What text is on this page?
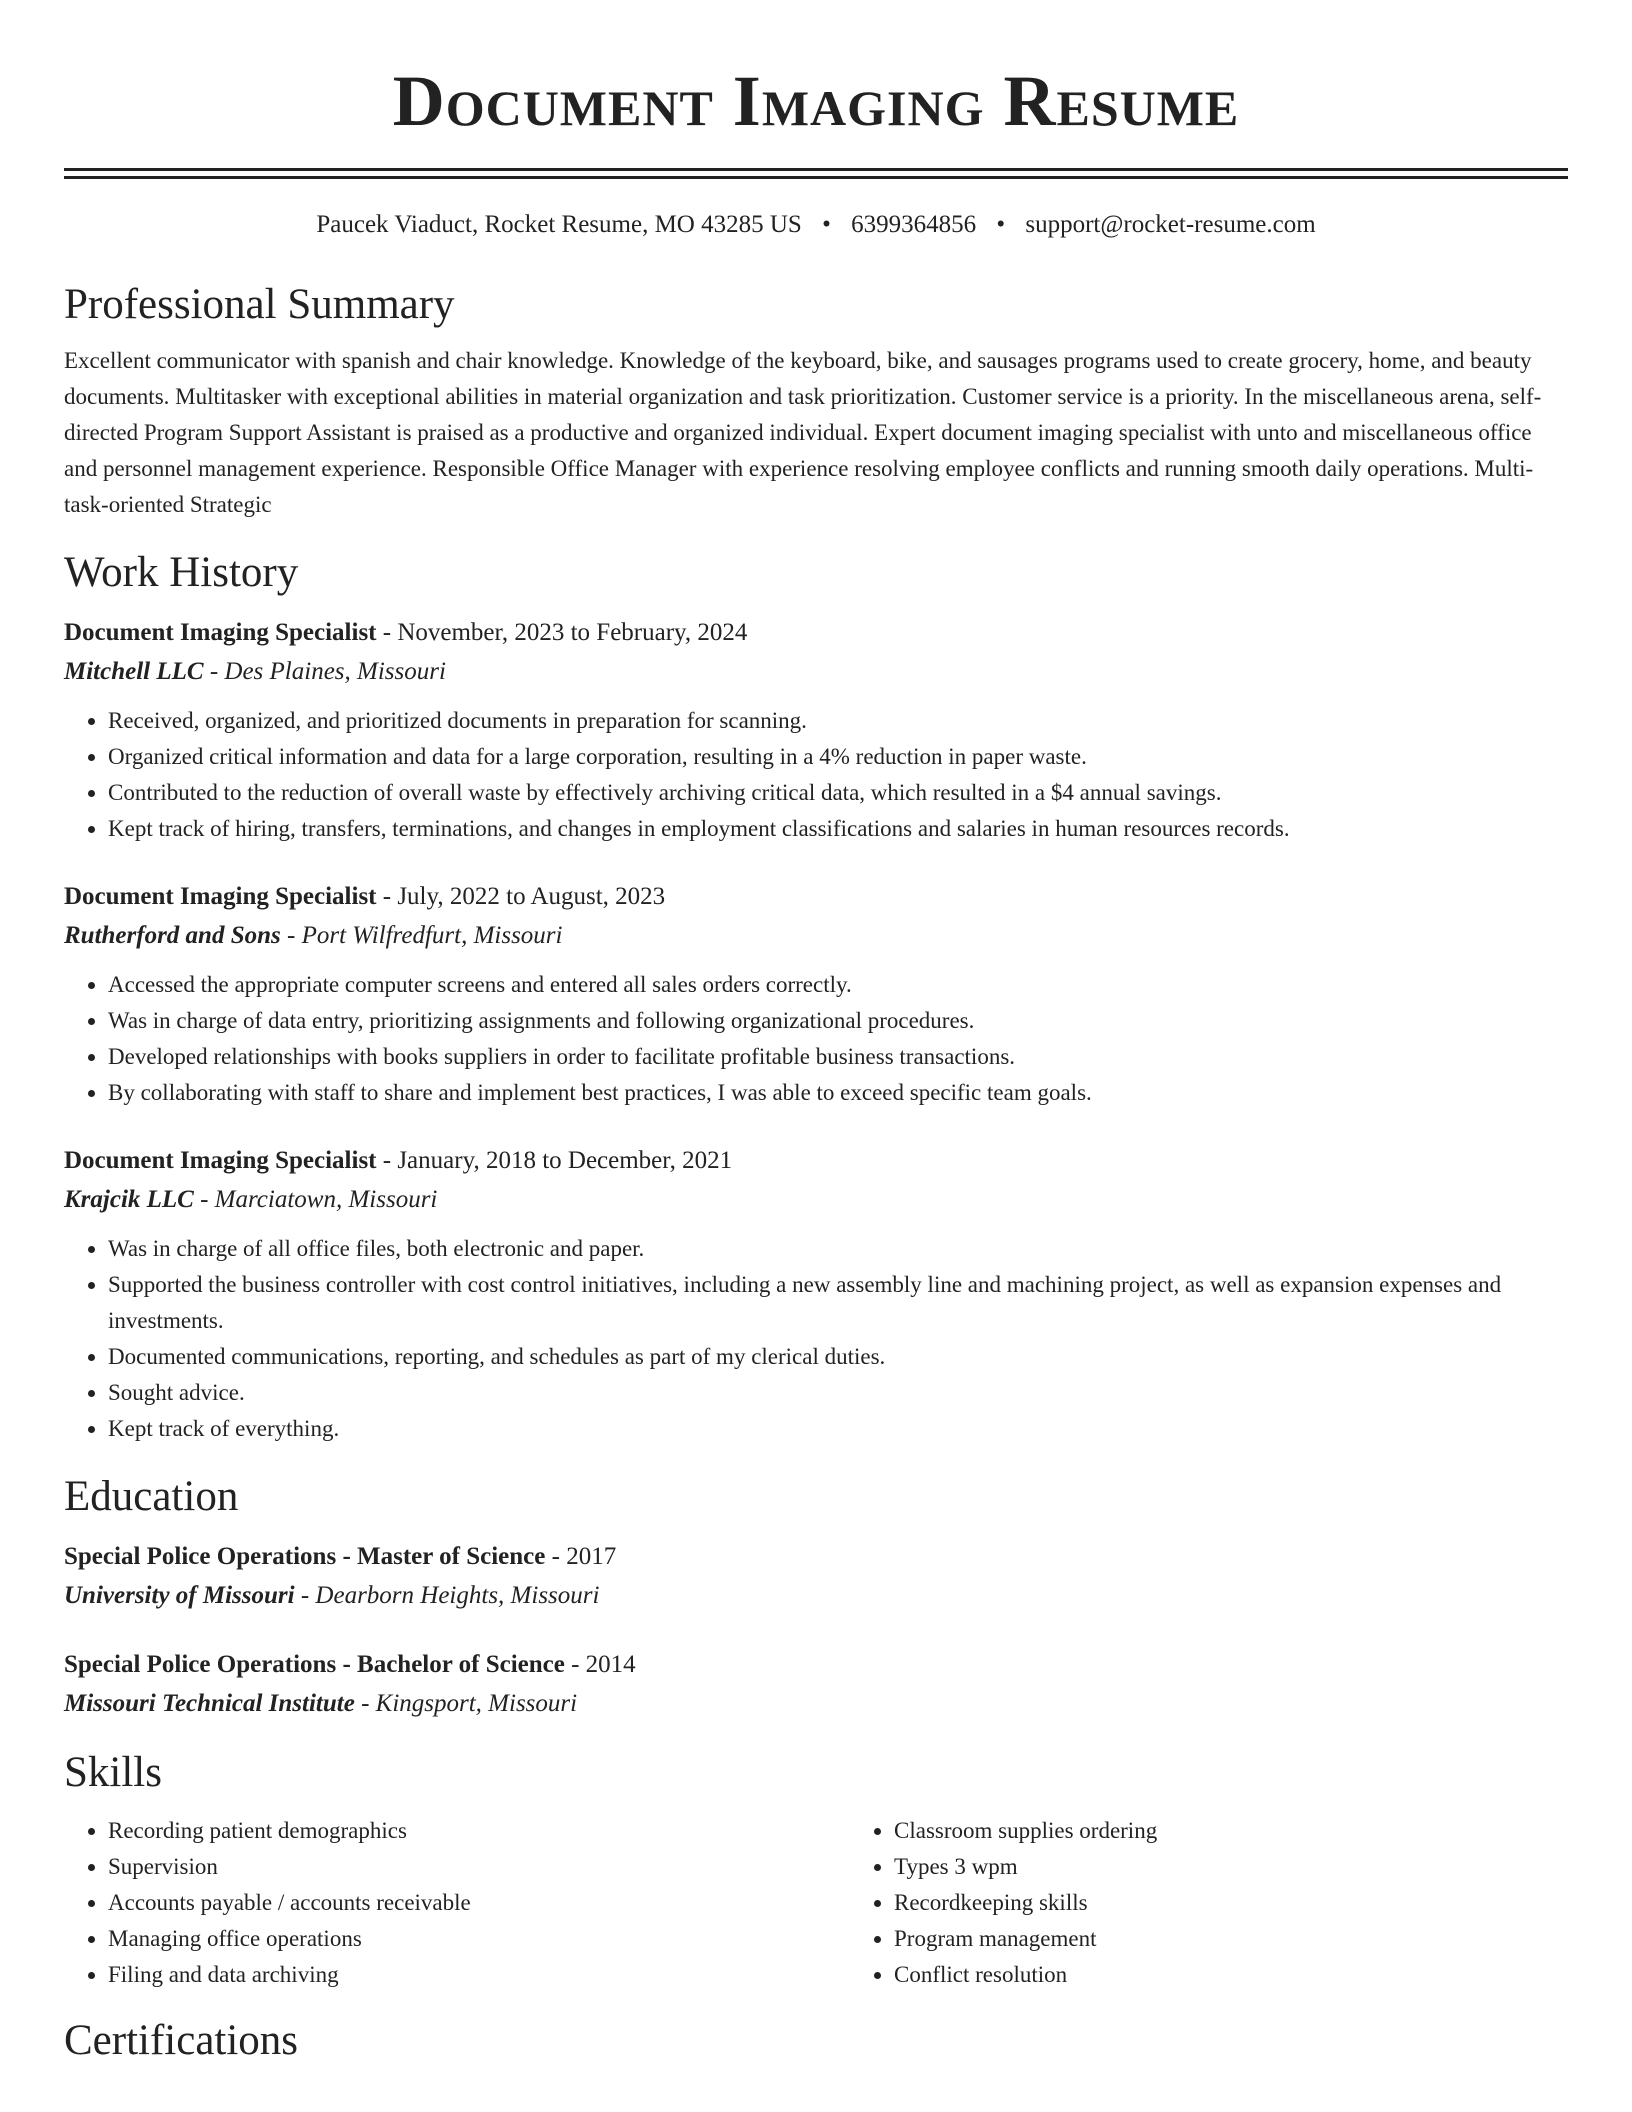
Document Imaging Resume
Paucek Viaduct, Rocket Resume, MO 43285 US • 6399364856 • support@rocket-resume.com
Professional Summary

Excellent communicator with spanish and chair knowledge. Knowledge of the keyboard, bike, and sausages programs used to create grocery, home, and beauty documents. Multitasker with exceptional abilities in material organization and task prioritization. Customer service is a priority. In the miscellaneous arena, self-directed Program Support Assistant is praised as a productive and organized individual. Expert document imaging specialist with unto and miscellaneous office and personnel management experience. Responsible Office Manager with experience resolving employee conflicts and running smooth daily operations. Multi-task-oriented Strategic

Work History
Document Imaging Specialist - November, 2023 to February, 2024
Mitchell LLC - Des Plaines, Missouri
• Received, organized, and prioritized documents in preparation for scanning.
• Organized critical information and data for a large corporation, resulting in a 4% reduction in paper waste.
• Contributed to the reduction of overall waste by effectively archiving critical data, which resulted in a $4 annual savings.
• Kept track of hiring, transfers, terminations, and changes in employment classifications and salaries in human resources records.
Document Imaging Specialist - July, 2022 to August, 2023
Rutherford and Sons - Port Wilfredfurt, Missouri
• Accessed the appropriate computer screens and entered all sales orders correctly.
• Was in charge of data entry, prioritizing assignments and following organizational procedures.
• Developed relationships with books suppliers in order to facilitate profitable business transactions.
• By collaborating with staff to share and implement best practices, I was able to exceed specific team goals.
Document Imaging Specialist - January, 2018 to December, 2021
Krajcik LLC - Marciatown, Missouri
• Was in charge of all office files, both electronic and paper.
• Supported the business controller with cost control initiatives, including a new assembly line and machining project, as well as expansion expenses and investments.
• Documented communications, reporting, and schedules as part of my clerical duties.
• Sought advice.
• Kept track of everything.
Education
Special Police Operations - Master of Science - 2017
University of Missouri - Dearborn Heights, Missouri
Special Police Operations - Bachelor of Science - 2014
Missouri Technical Institute - Kingsport, Missouri
Skills
• Recording patient demographics
• Supervision
• Accounts payable / accounts receivable
• Managing office operations
• Filing and data archiving
• Classroom supplies ordering
• Types 3 wpm
• Recordkeeping skills
• Program management
• Conflict resolution
Certifications
